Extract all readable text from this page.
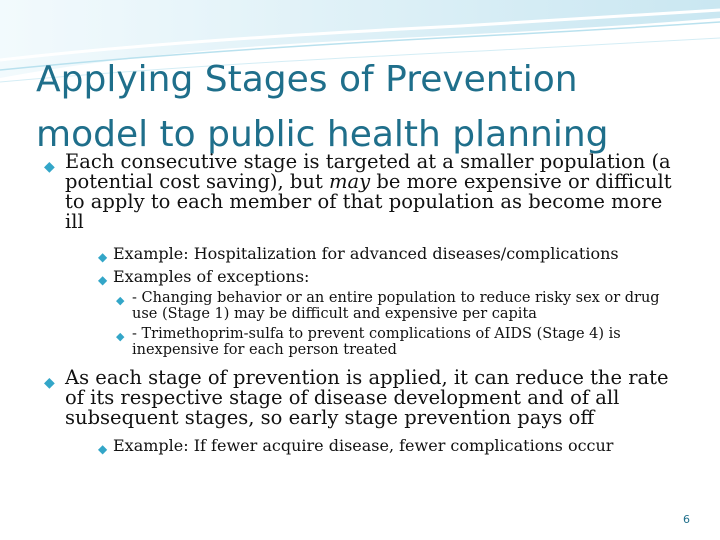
Applying Stages of Prevention
model to public health planning
◆ Each consecutive stage is targeted at a smaller population (a potential cost saving), but may be more expensive or difficult to apply to each member of that population as become more ill
◆ Example: Hospitalization for advanced diseases/complications
◆ Examples of exceptions:
◆ - Changing behavior or an entire population to reduce risky sex or drug use (Stage 1) may be difficult and expensive per capita
◆ - Trimethoprim-sulfa to prevent complications of AIDS (Stage 4) is inexpensive for each person treated
◆ As each stage of prevention is applied, it can reduce the rate of its respective stage of disease development and of all subsequent stages, so early stage prevention pays off
◆ Example: If fewer acquire disease, fewer complications occur
6
